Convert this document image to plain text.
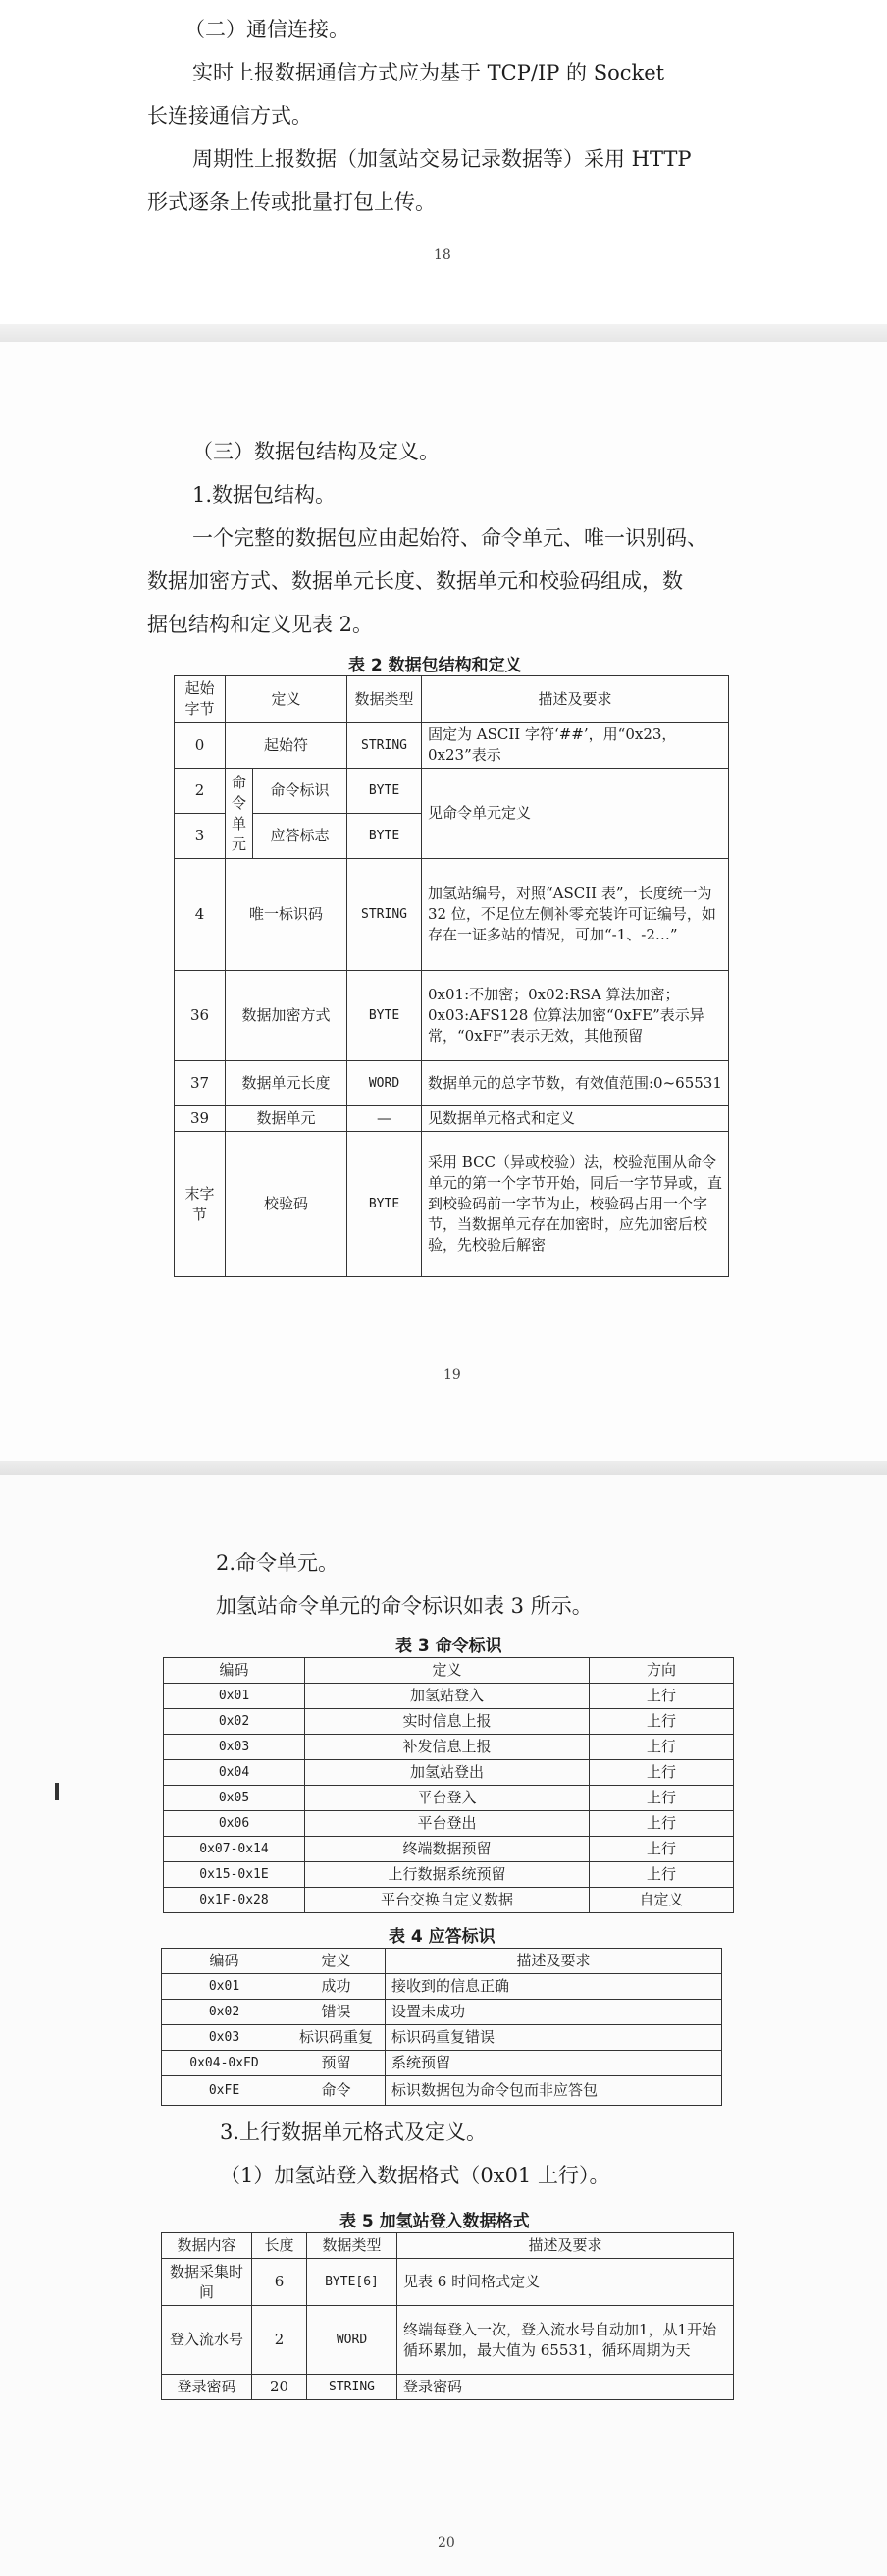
（二）通信连接。
实时上报数据通信方式应为基于 TCP/IP 的 Socket
长连接通信方式。
周期性上报数据（加氢站交易记录数据等）采用 HTTP
形式逐条上传或批量打包上传。
18
（三）数据包结构及定义。
1.数据包结构。
一个完整的数据包应由起始符、命令单元、唯一识别码、
数据加密方式、数据单元长度、数据单元和校验码组成，数
据包结构和定义见表 2。
表 2 数据包结构和定义
起始字节	定义		数据类型	描述及要求
0	起始符		STRING	固定为 ASCII 字符‘##’，用“0x23，0x23”表示
2	命令单元	命令标识	BYTE	见命令单元定义
3		应答标志	BYTE	
4	唯一标识码		STRING	加氢站编号，对照“ASCII 表”，长度统一为 32 位，不足位左侧补零充装许可证编号，如存在一证多站的情况，可加“-1、-2…”
36	数据加密方式		BYTE	0x01:不加密；0x02:RSA 算法加密；0x03:AFS128 位算法加密“0xFE”表示异常，“0xFF”表示无效，其他预留
37	数据单元长度		WORD	数据单元的总字节数，有效值范围:0~65531
39	数据单元		—	见数据单元格式和定义
末字节	校验码		BYTE	采用 BCC（异或校验）法，校验范围从命令单元的第一个字节开始，同后一字节异或，直到校验码前一字节为止，校验码占用一个字节，当数据单元存在加密时，应先加密后校验，先校验后解密
19
2.命令单元。
加氢站命令单元的命令标识如表 3 所示。
表 3 命令标识
编码	定义	方向
0x01	加氢站登入	上行
0x02	实时信息上报	上行
0x03	补发信息上报	上行
0x04	加氢站登出	上行
0x05	平台登入	上行
0x06	平台登出	上行
0x07-0x14	终端数据预留	上行
0x15-0x1E	上行数据系统预留	上行
0x1F-0x28	平台交换自定义数据	自定义
表 4 应答标识
编码	定义	描述及要求
0x01	成功	接收到的信息正确
0x02	错误	设置未成功
0x03	标识码重复	标识码重复错误
0x04-0xFD	预留	系统预留
0xFE	命令	标识数据包为命令包而非应答包
3.上行数据单元格式及定义。
（1）加氢站登入数据格式（0x01 上行）。
表 5 加氢站登入数据格式
数据内容	长度	数据类型	描述及要求
数据采集时间	6	BYTE[6]	见表 6 时间格式定义
登入流水号	2	WORD	终端每登入一次，登入流水号自动加1，从1开始循环累加，最大值为 65531，循环周期为天
登录密码	20	STRING	登录密码
20
